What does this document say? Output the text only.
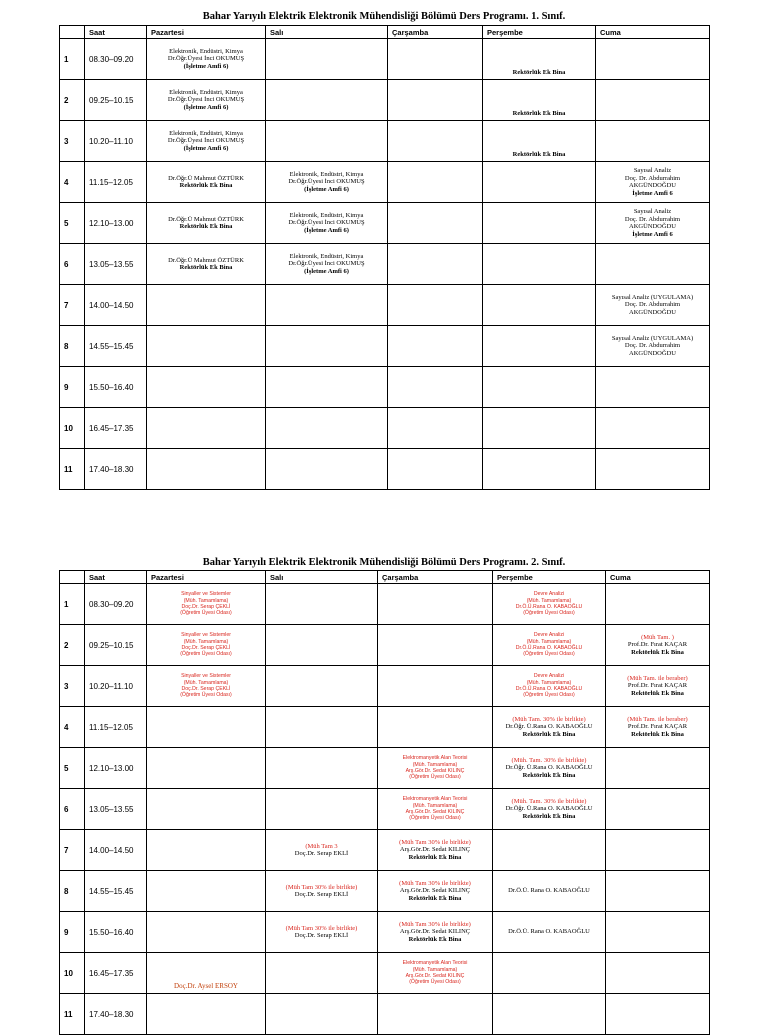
Bahar Yarıyılı Elektrik Elektronik Mühendisliği Bölümü Ders Programı. 1. Sınıf.
	Saat	Pazartesi	Salı	Çarşamba	Perşembe	Cuma
1	08.30–09.20	Elektronik, Endüstri, Kimya
Dr.Öğr.Üyesi İnci OKUMUŞ
(İşletme Amfi 6)			Rektörlük Ek Bina	

2	09.25–10.15	Elektronik, Endüstri, Kimya
Dr.Öğr.Üyesi İnci OKUMUŞ
(İşletme Amfi 6)			Rektörlük Ek Bina	

3	10.20–11.10	Elektronik, Endüstri, Kimya
Dr.Öğr.Üyesi İnci OKUMUŞ
(İşletme Amfi 6)			Rektörlük Ek Bina	

4	11.15–12.05	Dr.Öğr.Ü Mahmut ÖZTÜRK
Rektörlük Ek Bina	Elektronik, Endüstri, Kimya
Dr.Öğr.Üyesi İnci OKUMUŞ
(İşletme Amfi 6)			Sayısal Analiz
Doç. Dr. Abdurrahim
AKGÜNDOĞDU
İşletme Amfi 6

5	12.10–13.00	Dr.Öğr.Ü Mahmut ÖZTÜRK
Rektörlük Ek Bina	Elektronik, Endüstri, Kimya
Dr.Öğr.Üyesi İnci OKUMUŞ
(İşletme Amfi 6)			Sayısal Analiz
Doç. Dr. Abdurrahim
AKGÜNDOĞDU
İşletme Amfi 6

6	13.05–13.55	Dr.Öğr.Ü Mahmut ÖZTÜRK
Rektörlük Ek Bina	Elektronik, Endüstri, Kimya
Dr.Öğr.Üyesi İnci OKUMUŞ
(İşletme Amfi 6)			

7	14.00–14.50					Sayısal Analiz (UYGULAMA)
Doç. Dr. Abdurrahim
AKGÜNDOĞDU

8	14.55–15.45					Sayısal Analiz (UYGULAMA)
Doç. Dr. Abdurrahim
AKGÜNDOĞDU

9	15.50–16.40					
10	16.45–17.35					
11	17.40–18.30					
Bahar Yarıyılı Elektrik Elektronik Mühendisliği Bölümü Ders Programı. 2. Sınıf.
	Saat	Pazartesi	Salı	Çarşamba	Perşembe	Cuma
1	08.30–09.20	Sinyaller ve Sistemler
(Müh. Tamamlama)
Doç.Dr. Serap ÇEKLİ
(Öğretim Üyesi Odası)			Devre Analizi
(Müh. Tamamlama)
Dr.Ö.Ü.Rana O. KABAOĞLU
(Öğretim Üyesi Odası)	

2	09.25–10.15	Sinyaller ve Sistemler
(Müh. Tamamlama)
Doç.Dr. Serap ÇEKLİ
(Öğretim Üyesi Odası)			Devre Analizi
(Müh. Tamamlama)
Dr.Ö.Ü.Rana O. KABAOĞLU
(Öğretim Üyesi Odası)	(Müh Tam. )
Prof.Dr. Fırat KAÇAR
Rektörlük Ek Bina

3	10.20–11.10	Sinyaller ve Sistemler
(Müh. Tamamlama)
Doç.Dr. Serap ÇEKLİ
(Öğretim Üyesi Odası)			Devre Analizi
(Müh. Tamamlama)
Dr.Ö.Ü.Rana O. KABAOĞLU
(Öğretim Üyesi Odası)	(Müh Tam. ile beraber)
Prof.Dr. Fırat KAÇAR
Rektörlük Ek Bina

4	11.15–12.05				(Müh Tam. 30% ile birlikte)
Dr.Öğr. Ü.Rana O. KABAOĞLU
Rektörlük Ek Bina	(Müh Tam. ile beraber)
Prof.Dr. Fırat KAÇAR
Rektörlük Ek Bina

5	12.10–13.00			Elektromanyetik Alan Teorisi
(Müh. Tamamlama)
Arş.Gör.Dr. Sedat KILINÇ
(Öğretim Üyesi Odası)	(Müh. Tam. 30% ile birlikte)
Dr.Öğr. Ü.Rana O. KABAOĞLU
Rektörlük Ek Bina	

6	13.05–13.55			Elektromanyetik Alan Teorisi
(Müh. Tamamlama)
Arş.Gör.Dr. Sedat KILINÇ
(Öğretim Üyesi Odası)	(Müh. Tam. 30% ile birlikte)
Dr.Öğr. Ü.Rana O. KABAOĞLU
Rektörlük Ek Bina	

7	14.00–14.50		(Müh Tam 3
Doç.Dr. Serap EKLİ	(Müh Tam 30% ile birlikte)
Arş.Gör.Dr. Sedat KILINÇ
Rektörlük Ek Bina		

8	14.55–15.45		(Müh Tam 30% ile birlikte)
Doç.Dr. Serap EKLİ	(Müh Tam 30% ile birlikte)
Arş.Gör.Dr. Sedat KILINÇ
Rektörlük Ek Bina	Dr.Ö.Ü. Rana O. KABAOĞLU	

9	15.50–16.40		(Müh Tam 30% ile birlikte)
Doç.Dr. Serap EKLİ	(Müh Tam 30% ile birlikte)
Arş.Gör.Dr. Sedat KILINÇ
Rektörlük Ek Bina	Dr.Ö.Ü. Rana O. KABAOĞLU	

10	16.45–17.35	Doç.Dr. Aysel ERSOY		Elektromanyetik Alan Teorisi
(Müh. Tamamlama)
Arş.Gör.Dr. Sedat KILINÇ
(Öğretim Üyesi Odası)		

11	17.40–18.30					
